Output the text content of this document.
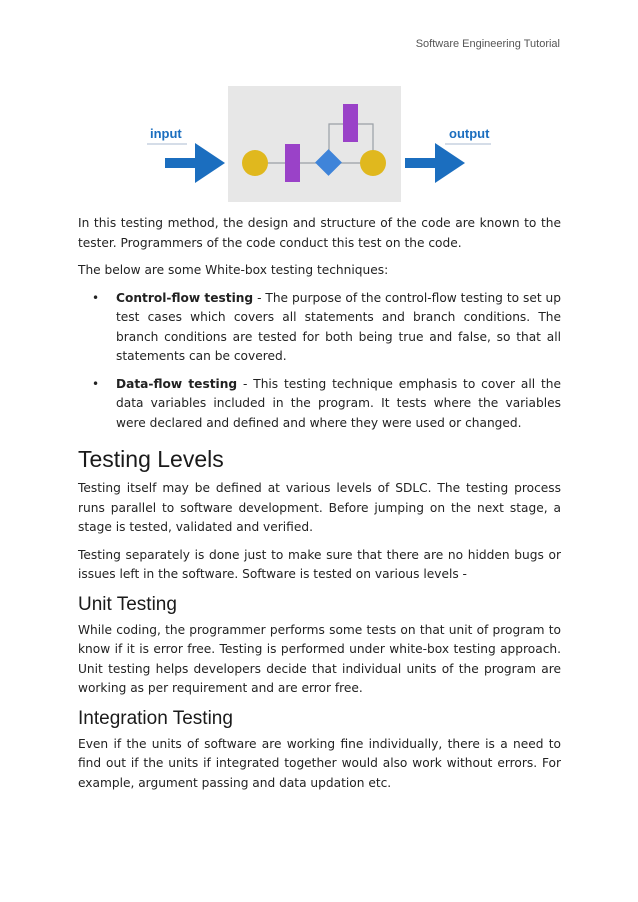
Software Engineering Tutorial
input	output

In this testing method, the design and structure of the code are known to the tester. Programmers of the code conduct this test on the code.

The below are some White-box testing techniques:

• Control-flow testing - The purpose of the control-flow testing to set up test cases which covers all statements and branch conditions. The branch conditions are tested for both being true and false, so that all statements can be covered.
• Data-flow testing - This testing technique emphasis to cover all the data variables included in the program. It tests where the variables were declared and defined and where they were used or changed.
Testing Levels

Testing itself may be defined at various levels of SDLC. The testing process runs parallel to software development. Before jumping on the next stage, a stage is tested, validated and verified.

Testing separately is done just to make sure that there are no hidden bugs or issues left in the software. Software is tested on various levels -

Unit Testing

While coding, the programmer performs some tests on that unit of program to know if it is error free. Testing is performed under white-box testing approach. Unit testing helps developers decide that individual units of the program are working as per requirement and are error free.

Integration Testing

Even if the units of software are working fine individually, there is a need to find out if the units if integrated together would also work without errors. For example, argument passing and data updation etc.
